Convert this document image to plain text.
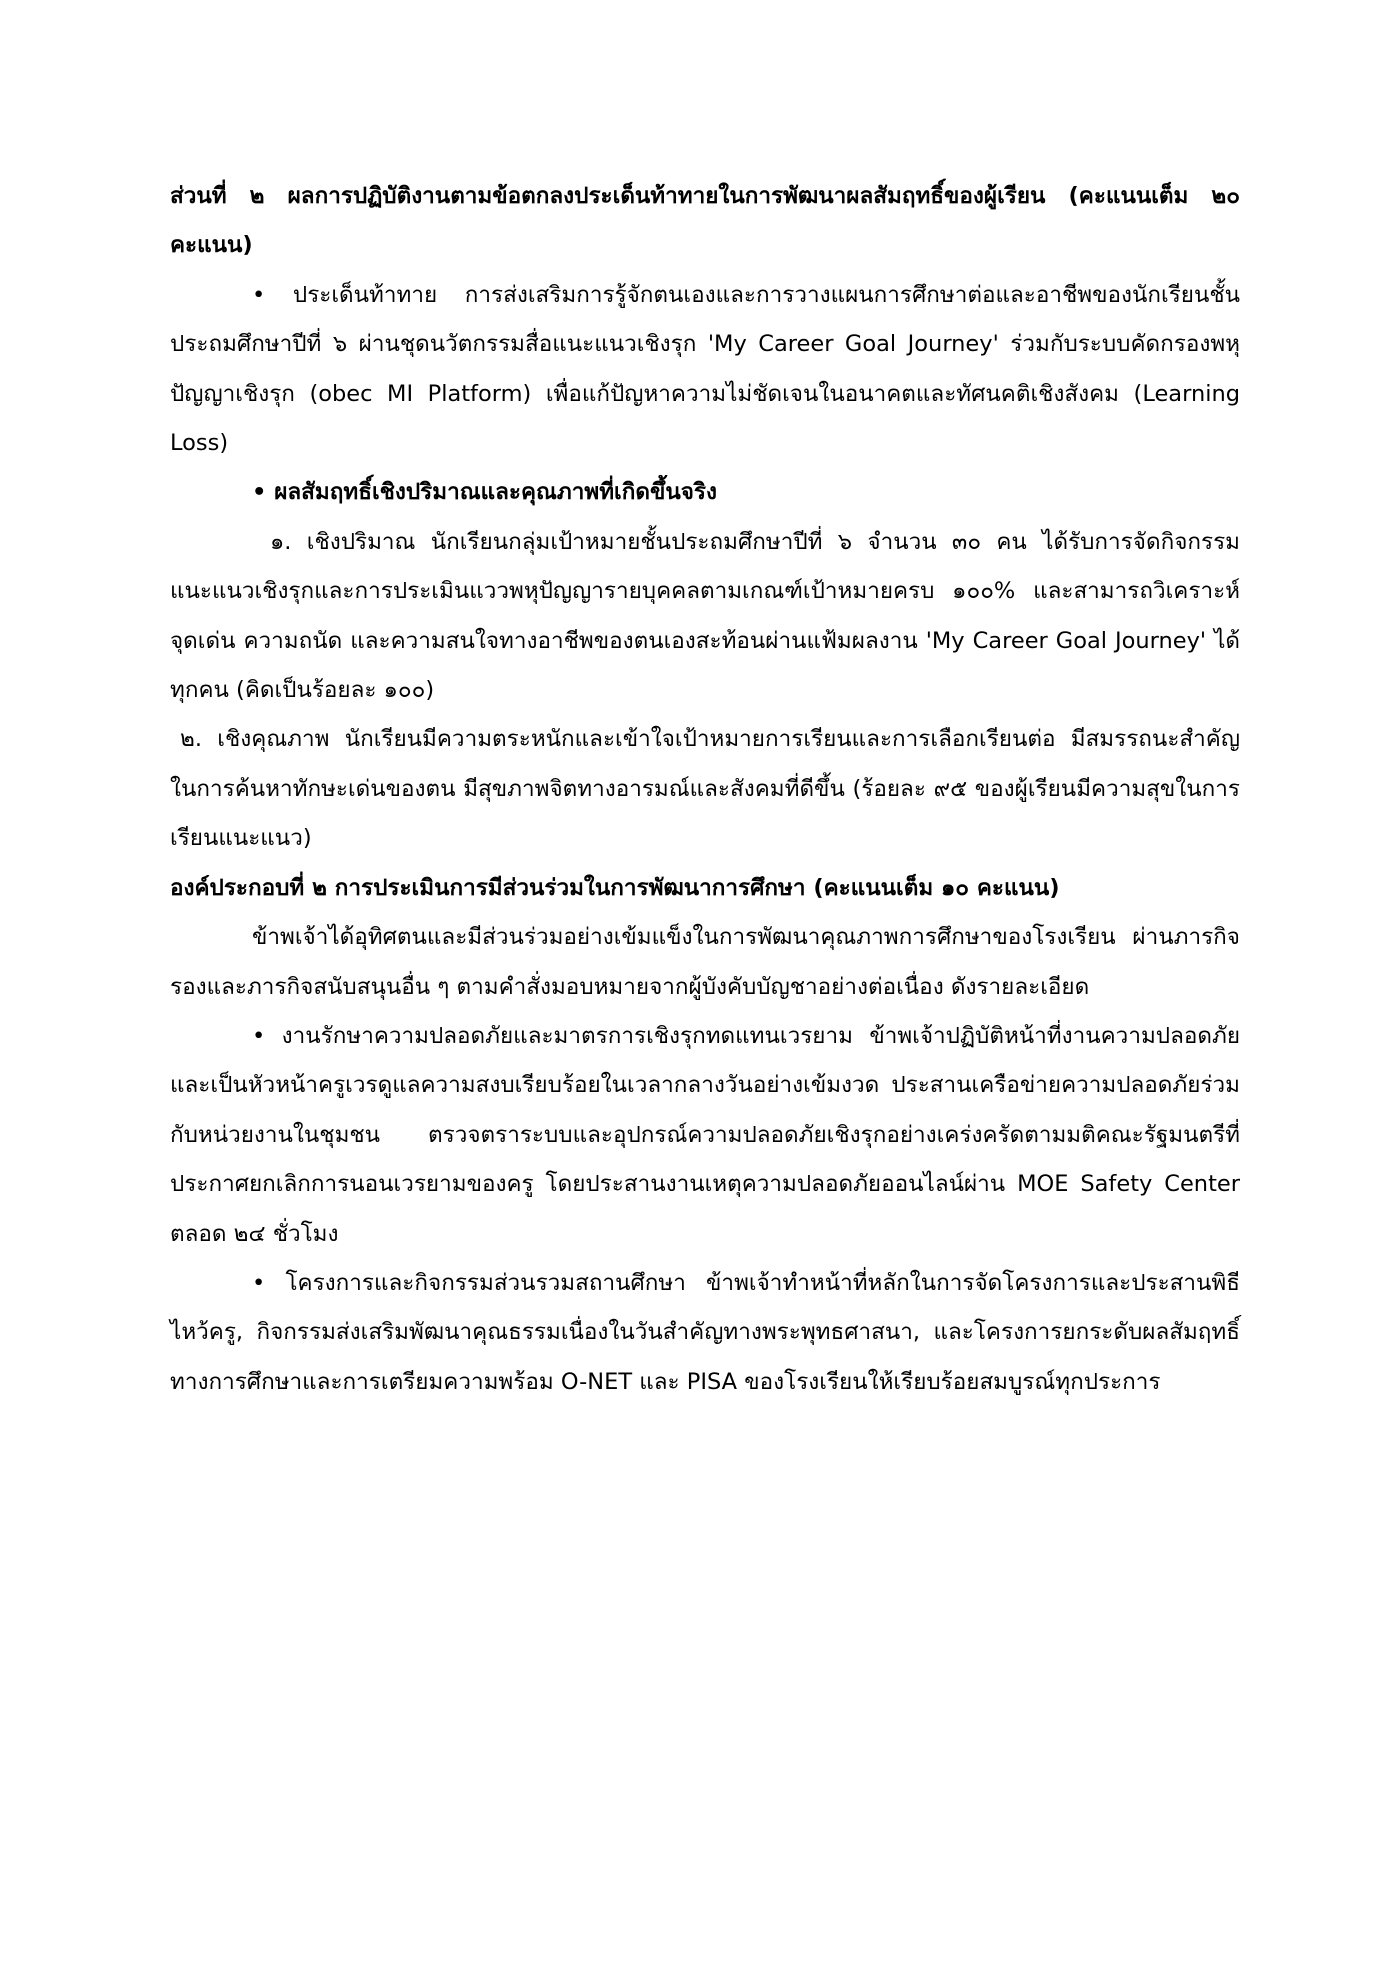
ส่วนที่ ๒ ผลการปฏิบัติงานตามข้อตกลงประเด็นท้าทายในการพัฒนาผลสัมฤทธิ์ของผู้เรียน (คะแนนเต็ม ๒๐ คะแนน)

• ประเด็นท้าทาย การส่งเสริมการรู้จักตนเองและการวางแผนการศึกษาต่อและอาชีพของนักเรียนชั้นประถมศึกษาปีที่ ๖ ผ่านชุดนวัตกรรมสื่อแนะแนวเชิงรุก 'My Career Goal Journey' ร่วมกับระบบคัดกรองพหุปัญญาเชิงรุก (obec MI Platform) เพื่อแก้ปัญหาความไม่ชัดเจนในอนาคตและทัศนคติเชิงสังคม (Learning Loss)

• ผลสัมฤทธิ์เชิงปริมาณและคุณภาพที่เกิดขึ้นจริง

๑. เชิงปริมาณ นักเรียนกลุ่มเป้าหมายชั้นประถมศึกษาปีที่ ๖ จำนวน ๓๐ คน ได้รับการจัดกิจกรรมแนะแนวเชิงรุกและการประเมินแววพหุปัญญารายบุคคลตามเกณฑ์เป้าหมายครบ ๑๐๐% และสามารถวิเคราะห์จุดเด่น ความถนัด และความสนใจทางอาชีพของตนเองสะท้อนผ่านแฟ้มผลงาน 'My Career Goal Journey' ได้ทุกคน (คิดเป็นร้อยละ ๑๐๐)

๒. เชิงคุณภาพ นักเรียนมีความตระหนักและเข้าใจเป้าหมายการเรียนและการเลือกเรียนต่อ มีสมรรถนะสำคัญในการค้นหาทักษะเด่นของตน มีสุขภาพจิตทางอารมณ์และสังคมที่ดีขึ้น (ร้อยละ ๙๕ ของผู้เรียนมีความสุขในการเรียนแนะแนว)

องค์ประกอบที่ ๒ การประเมินการมีส่วนร่วมในการพัฒนาการศึกษา (คะแนนเต็ม ๑๐ คะแนน)

ข้าพเจ้าได้อุทิศตนและมีส่วนร่วมอย่างเข้มแข็งในการพัฒนาคุณภาพการศึกษาของโรงเรียน ผ่านภารกิจรองและภารกิจสนับสนุนอื่น ๆ ตามคำสั่งมอบหมายจากผู้บังคับบัญชาอย่างต่อเนื่อง ดังรายละเอียด

• งานรักษาความปลอดภัยและมาตรการเชิงรุกทดแทนเวรยาม ข้าพเจ้าปฏิบัติหน้าที่งานความปลอดภัยและเป็นหัวหน้าครูเวรดูแลความสงบเรียบร้อยในเวลากลางวันอย่างเข้มงวด ประสานเครือข่ายความปลอดภัยร่วมกับหน่วยงานในชุมชน ตรวจตราระบบและอุปกรณ์ความปลอดภัยเชิงรุกอย่างเคร่งครัดตามมติคณะรัฐมนตรีที่ประกาศยกเลิกการนอนเวรยามของครู โดยประสานงานเหตุความปลอดภัยออนไลน์ผ่าน MOE Safety Center ตลอด ๒๔ ชั่วโมง

• โครงการและกิจกรรมส่วนรวมสถานศึกษา ข้าพเจ้าทำหน้าที่หลักในการจัดโครงการและประสานพิธีไหว้ครู, กิจกรรมส่งเสริมพัฒนาคุณธรรมเนื่องในวันสำคัญทางพระพุทธศาสนา, และโครงการยกระดับผลสัมฤทธิ์ทางการศึกษาและการเตรียมความพร้อม O-NET และ PISA ของโรงเรียนให้เรียบร้อยสมบูรณ์ทุกประการ
